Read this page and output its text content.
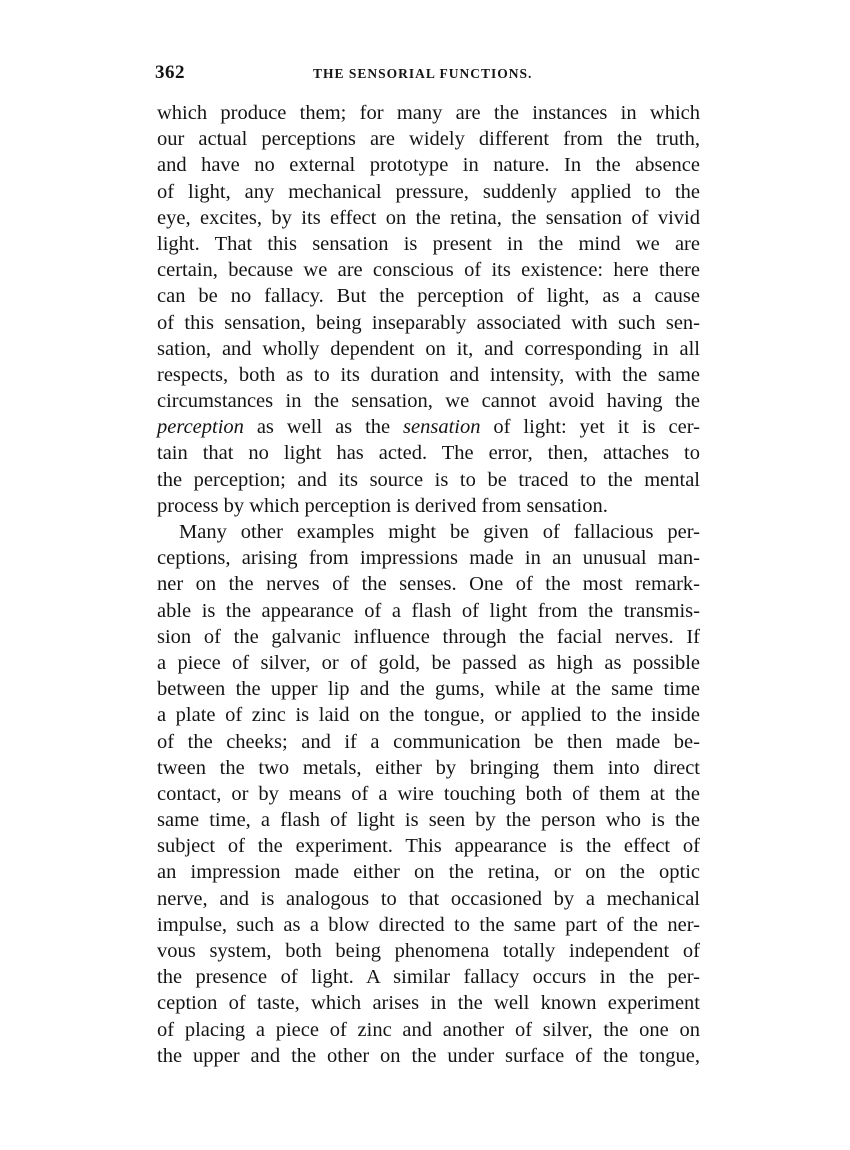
362	THE SENSORIAL FUNCTIONS.
which produce them; for many are the instances in which
our actual perceptions are widely different from the truth,
and have no external prototype in nature. In the absence
of light, any mechanical pressure, suddenly applied to the
eye, excites, by its effect on the retina, the sensation of vivid
light. That this sensation is present in the mind we are
certain, because we are conscious of its existence: here there
can be no fallacy. But the perception of light, as a cause
of this sensation, being inseparably associated with such sen-
sation, and wholly dependent on it, and corresponding in all
respects, both as to its duration and intensity, with the same
circumstances in the sensation, we cannot avoid having the
perception as well as the sensation of light: yet it is cer-
tain that no light has acted. The error, then, attaches to
the perception; and its source is to be traced to the mental
process by which perception is derived from sensation.
Many other examples might be given of fallacious per-
ceptions, arising from impressions made in an unusual man-
ner on the nerves of the senses. One of the most remark-
able is the appearance of a flash of light from the transmis-
sion of the galvanic influence through the facial nerves. If
a piece of silver, or of gold, be passed as high as possible
between the upper lip and the gums, while at the same time
a plate of zinc is laid on the tongue, or applied to the inside
of the cheeks; and if a communication be then made be-
tween the two metals, either by bringing them into direct
contact, or by means of a wire touching both of them at the
same time, a flash of light is seen by the person who is the
subject of the experiment. This appearance is the effect of
an impression made either on the retina, or on the optic
nerve, and is analogous to that occasioned by a mechanical
impulse, such as a blow directed to the same part of the ner-
vous system, both being phenomena totally independent of
the presence of light. A similar fallacy occurs in the per-
ception of taste, which arises in the well known experiment
of placing a piece of zinc and another of silver, the one on
the upper and the other on the under surface of the tongue,
